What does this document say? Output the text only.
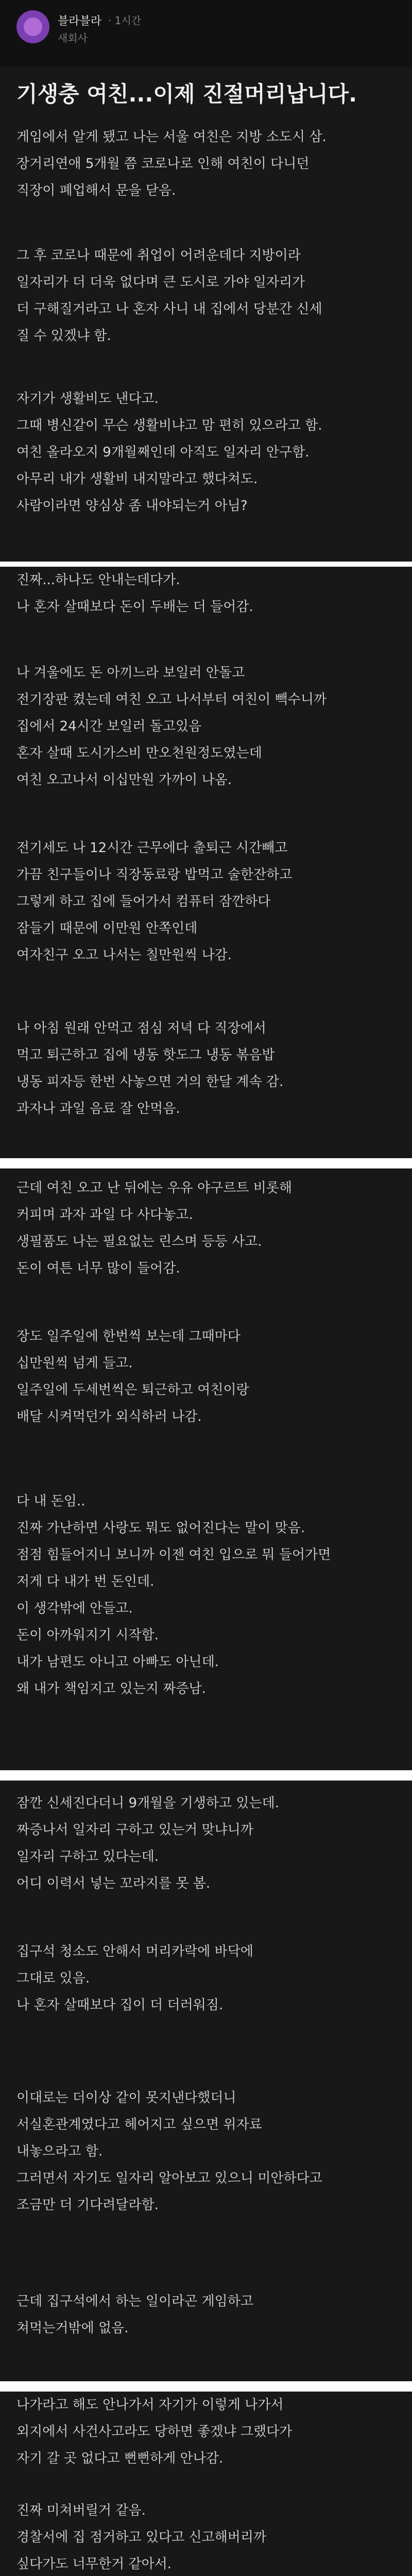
블라블라 · 1시간
새회사
기생충 여친...이제 진절머리납니다.
게임에서 알게 됐고 나는 서울 여친은 지방 소도시 삼.
장거리연애 5개월 쯤 코로나로 인해 여친이 다니던
직장이 폐업해서 문을 닫음.
그 후 코로나 때문에 취업이 어려운데다 지방이라
일자리가 더 더욱 없다며 큰 도시로 가야 일자리가
더 구해질거라고 나 혼자 사니 내 집에서 당분간 신세
질 수 있겠냐 함.
자기가 생활비도 낸다고.
그때 병신같이 무슨 생활비냐고 맘 편히 있으라고 함.
여친 올라오지 9개월째인데 아직도 일자리 안구함.
아무리 내가 생활비 내지말라고 했다쳐도.
사람이라면 양심상 좀 내야되는거 아님?
진짜...하나도 안내는데다가.
나 혼자 살때보다 돈이 두배는 더 들어감.
나 겨울에도 돈 아끼느라 보일러 안돌고
전기장판 켰는데 여친 오고 나서부터 여친이 빽수니까
집에서 24시간 보일러 돌고있음
혼자 살때 도시가스비 만오천원정도였는데
여친 오고나서 이십만원 가까이 나옴.
전기세도 나 12시간 근무에다 출퇴근 시간빼고
가끔 친구들이나 직장동료랑 밥먹고 술한잔하고
그렇게 하고 집에 들어가서 컴퓨터 잠깐하다
잠들기 때문에 이만원 안쪽인데
여자친구 오고 나서는 칠만원씩 나감.
나 아침 원래 안먹고 점심 저녁 다 직장에서
먹고 퇴근하고 집에 냉동 핫도그 냉동 볶음밥
냉동 피자등 한번 사놓으면 거의 한달 계속 감.
과자나 과일 음료 잘 안먹음.
근데 여친 오고 난 뒤에는 우유 야구르트 비롯해
커피며 과자 과일 다 사다놓고.
생필품도 나는 필요없는 린스며 등등 사고.
돈이 여튼 너무 많이 들어감.
장도 일주일에 한번씩 보는데 그때마다
십만원씩 넘게 들고.
일주일에 두세번씩은 퇴근하고 여친이랑
배달 시켜먹던가 외식하러 나감.
다 내 돈임..
진짜 가난하면 사랑도 뭐도 없어진다는 말이 맞음.
점점 힘들어지니 보니까 이젠 여친 입으로 뭐 들어가면
저게 다 내가 번 돈인데.
이 생각밖에 안들고.
돈이 아까워지기 시작함.
내가 남편도 아니고 아빠도 아닌데.
왜 내가 책임지고 있는지 짜증남.
잠깐 신세진다더니 9개월을 기생하고 있는데.
짜증나서 일자리 구하고 있는거 맞냐니까
일자리 구하고 있다는데.
어디 이력서 넣는 꼬라지를 못 봄.
집구석 청소도 안해서 머리카락에 바닥에
그대로 있음.
나 혼자 살때보다 집이 더 더러워짐.
이대로는 더이상 같이 못지낸다했더니
서실혼관계였다고 헤어지고 싶으면 위자료
내놓으라고 함.
그러면서 자기도 일자리 알아보고 있으니 미안하다고
조금만 더 기다려달라함.
근데 집구석에서 하는 일이라곤 게임하고
쳐먹는거밖에 없음.
나가라고 해도 안나가서 자기가 이렇게 나가서
외지에서 사건사고라도 당하면 좋겠냐 그랬다가
자기 갈 곳 없다고 뻔뻔하게 안나감.
진짜 미쳐버릴거 같음.
경찰서에 집 점거하고 있다고 신고해버리까
싶다가도 너무한거 같아서.
